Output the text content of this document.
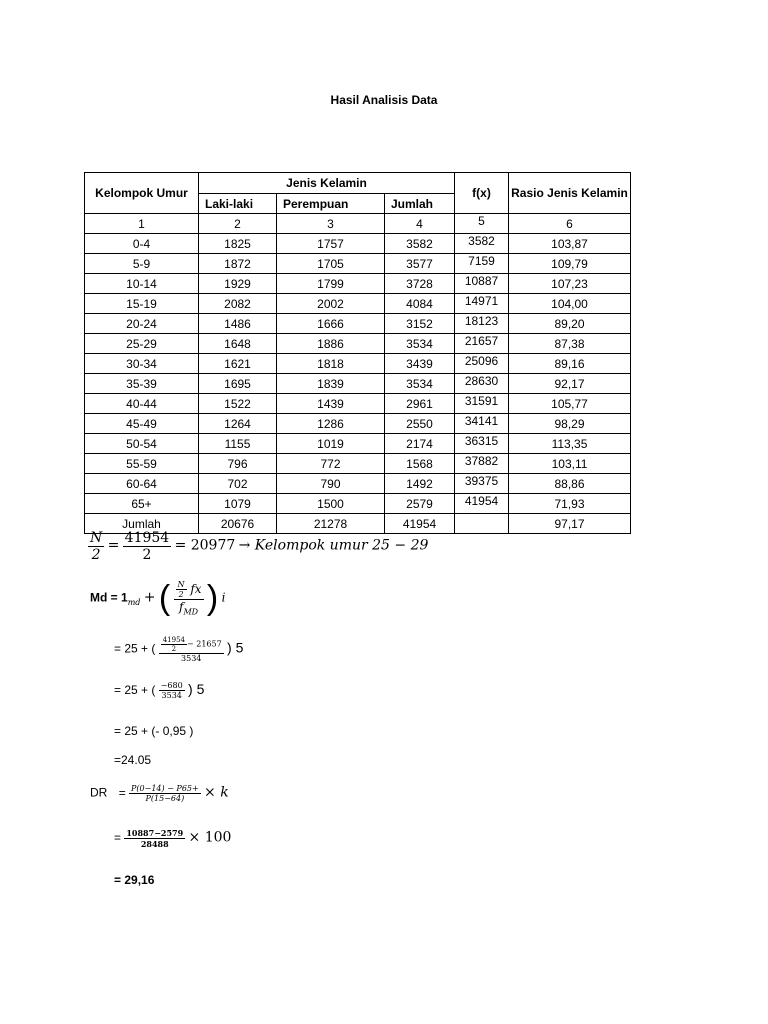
Hasil Analisis Data
Kelompok Umur	Jenis Kelamin			f(x)	Rasio Jenis Kelamin
	Laki-laki	Perempuan	Jumlah		
1	2	3	4	5	6
0-4	1825	1757	3582	3582	103,87
5-9	1872	1705	3577	7159	109,79
10-14	1929	1799	3728	10887	107,23
15-19	2082	2002	4084	14971	104,00
20-24	1486	1666	3152	18123	89,20
25-29	1648	1886	3534	21657	87,38
30-34	1621	1818	3439	25096	89,16
35-39	1695	1839	3534	28630	92,17
40-44	1522	1439	2961	31591	105,77
45-49	1264	1286	2550	34141	98,29
50-54	1155	1019	2174	36315	113,35
55-59	796	772	1568	37882	103,11
60-64	702	790	1492	39375	88,86
65+	1079	1500	2579	41954	71,93
Jumlah	20676	21278	41954		97,17
$\frac{N}{2} = \frac{41954}{2} = 20977$ → Kelompok umur 25 − 29
$Md = 1_{md}$ + ( $\frac{\frac{N}{2} fx}{f_{MD}}$ ) i
= 25 + ( $\frac{\frac{41954}{2} - 21657}{3534}$ ) 5
= 25 + ( $\frac{-680}{3534}$ ) 5
= 25 + (- 0,95 )
=24.05
DR = $\frac{P(0-14) - P65+}{P(15-64)} \times k$
= $\frac{10887-2579}{28488} \times 100$
= 29,16
